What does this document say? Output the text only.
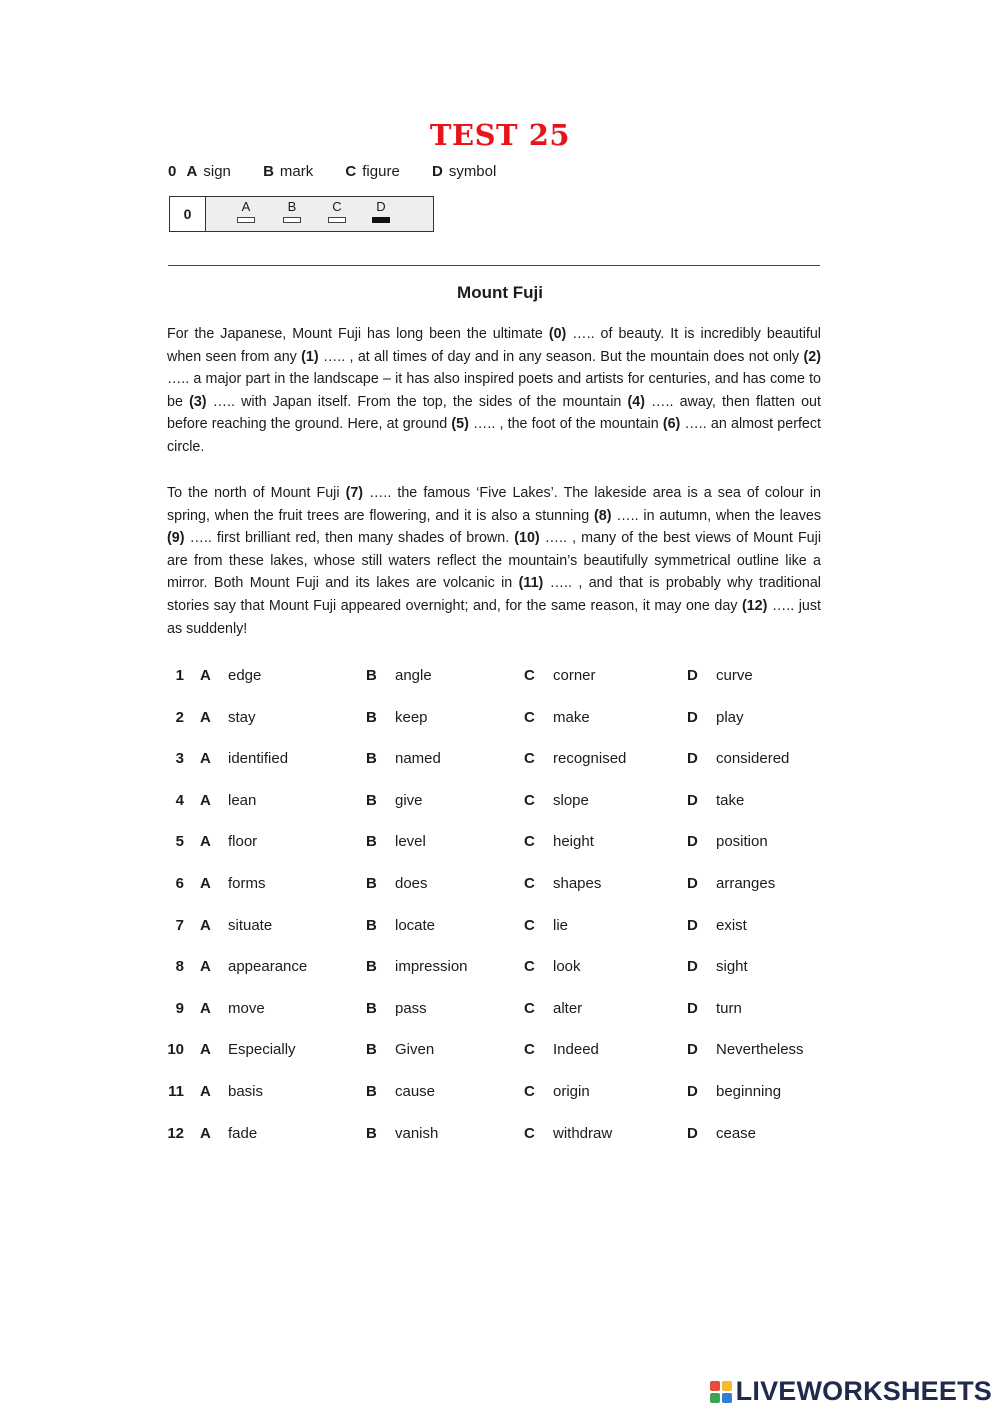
TEST 25
0 A sign B mark C figure D symbol
0	A	B	C	D
Mount Fuji
For the Japanese, Mount Fuji has long been the ultimate (0) ….. of beauty. It is incredibly beautiful when seen from any (1) ….. , at all times of day and in any season. But the mountain does not only (2) ….. a major part in the landscape – it has also inspired poets and artists for centuries, and has come to be (3) ….. with Japan itself. From the top, the sides of the mountain (4) ….. away, then flatten out before reaching the ground. Here, at ground (5) ….. , the foot of the mountain (6) ….. an almost perfect circle.
To the north of Mount Fuji (7) ….. the famous ‘Five Lakes’. The lakeside area is a sea of colour in spring, when the fruit trees are flowering, and it is also a stunning (8) ….. in autumn, when the leaves (9) ….. first brilliant red, then many shades of brown. (10) ….. , many of the best views of Mount Fuji are from these lakes, whose still waters reflect the mountain’s beautifully symmetrical outline like a mirror. Both Mount Fuji and its lakes are volcanic in (11) ….. , and that is probably why traditional stories say that Mount Fuji appeared overnight; and, for the same reason, it may one day (12) ….. just as suddenly!
1 A edge	B angle	C corner	D curve
2 A stay	B keep	C make	D play
3 A identified	B named	C recognised	D considered
4 A lean	B give	C slope	D take
5 A floor	B level	C height	D position
6 A forms	B does	C shapes	D arranges
7 A situate	B locate	C lie	D exist
8 A appearance	B impression	C look	D sight
9 A move	B pass	C alter	D turn
10 A Especially	B Given	C Indeed	D Nevertheless
11 A basis	B cause	C origin	D beginning
12 A fade	B vanish	C withdraw	D cease
LIVEWORKSHEETS
